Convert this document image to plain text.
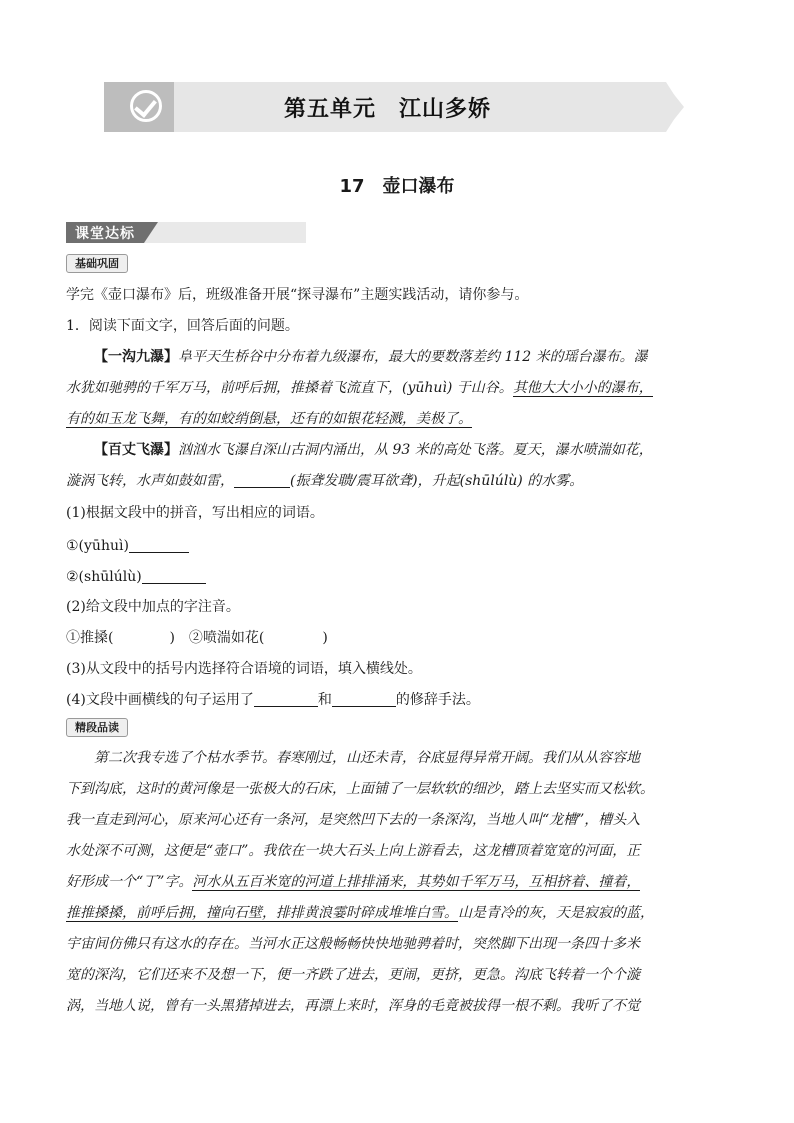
第五单元　江山多娇
17　壶口瀑布
课堂达标
基础巩固
学完《壶口瀑布》后，班级准备开展“探寻瀑布”主题实践活动，请你参与。
1．阅读下面文字，回答后面的问题。
【一沟九瀑】阜平天生桥谷中分布着九级瀑布，最大的要数落差约 112 米的瑶台瀑布。瀑
水犹如驰骋的千军万马，前呼后拥，推搡着飞流直下，(yūhuì) 于山谷。其他大大小小的瀑布，
有的如玉龙飞舞，有的如蛟绡倒悬，还有的如银花轻溅，美极了。
【百丈飞瀑】汹汹水飞瀑自深山古洞内涌出，从 93 米的高处飞落。夏天，瀑水喷湍如花，
漩涡飞转，水声如鼓如雷，	(振聋发聩/震耳欲聋)，升起(shūlúlù) 的水雾。
(1)根据文段中的拼音，写出相应的词语。
①(yūhuì)
②(shūlúlù)
(2)给文段中加点的字注音。
①推搡(	)　②喷湍如花(	)
(3)从文段中的括号内选择符合语境的词语，填入横线处。
(4)文段中画横线的句子运用了	和	的修辞手法。
精段品读
第二次我专选了个枯水季节。春寒刚过，山还未青，谷底显得异常开阔。我们从从容容地
下到沟底，这时的黄河像是一张极大的石床，上面铺了一层软软的细沙，踏上去坚实而又松软。
我一直走到河心，原来河心还有一条河，是突然凹下去的一条深沟，当地人叫“龙槽”，槽头入
水处深不可测，这便是“壶口”。我依在一块大石头上向上游看去，这龙槽顶着宽宽的河面，正
好形成一个“丁”字。河水从五百米宽的河道上排排涌来，其势如千军万马，互相挤着、撞着，
推推搡搡，前呼后拥，撞向石壁，排排黄浪霎时碎成堆堆白雪。山是青冷的灰，天是寂寂的蓝，
宇宙间仿佛只有这水的存在。当河水正这般畅畅快快地驰骋着时，突然脚下出现一条四十多米
宽的深沟，它们还来不及想一下，便一齐跌了进去，更闹，更挤，更急。沟底飞转着一个个漩
涡，当地人说，曾有一头黑猪掉进去，再漂上来时，浑身的毛竟被拔得一根不剩。我听了不觉
